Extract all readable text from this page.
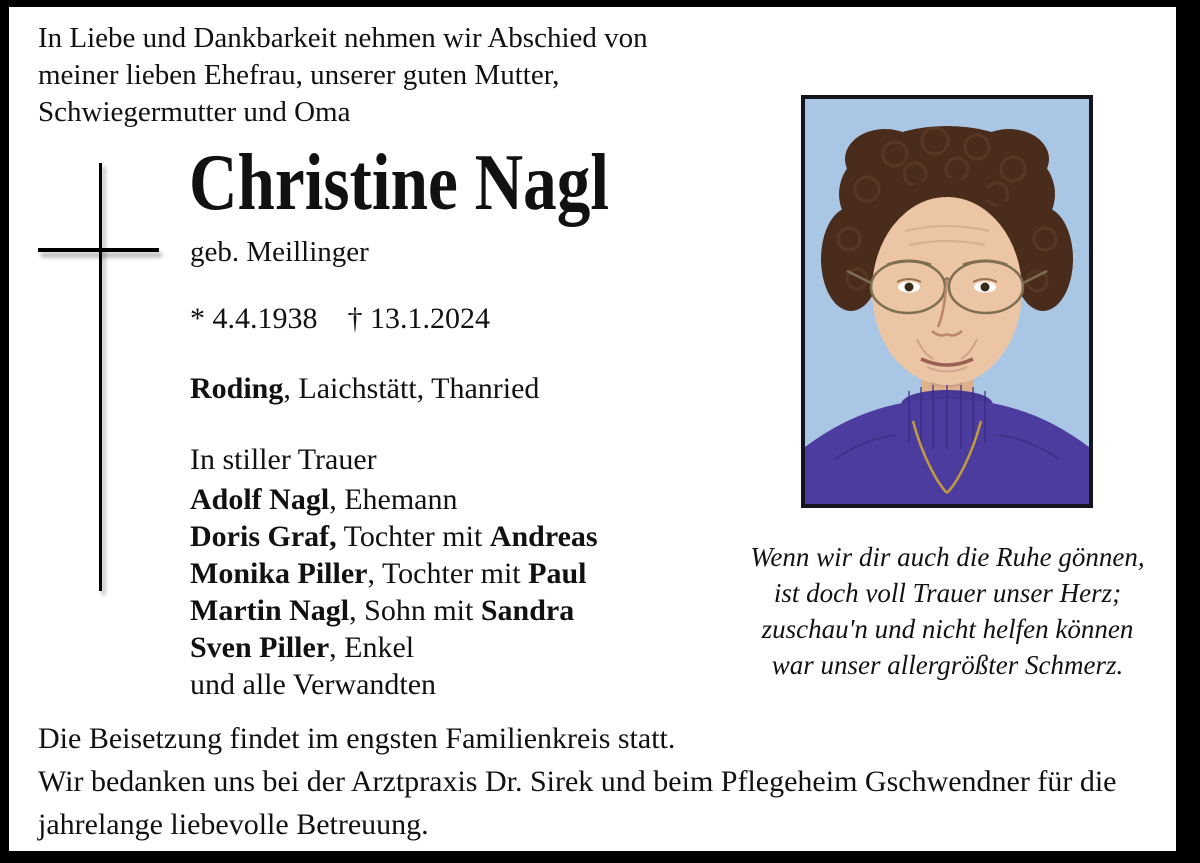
In Liebe und Dankbarkeit nehmen wir Abschied von meiner lieben Ehefrau, unserer guten Mutter, Schwiegermutter und Oma
Christine Nagl
geb. Meillinger
* 4.4.1938 † 13.1.2024
Roding, Laichstätt, Thanried
In stiller Trauer
Adolf Nagl, Ehemann
Doris Graf, Tochter mit Andreas
Monika Piller, Tochter mit Paul
Martin Nagl, Sohn mit Sandra
Sven Piller, Enkel
und alle Verwandten
Wenn wir dir auch die Ruhe gönnen,
ist doch voll Trauer unser Herz;
zuschau'n und nicht helfen können
war unser allergrößter Schmerz.
Die Beisetzung findet im engsten Familienkreis statt.
Wir bedanken uns bei der Arztpraxis Dr. Sirek und beim Pflegeheim Gschwendner für die jahrelange liebevolle Betreuung.
